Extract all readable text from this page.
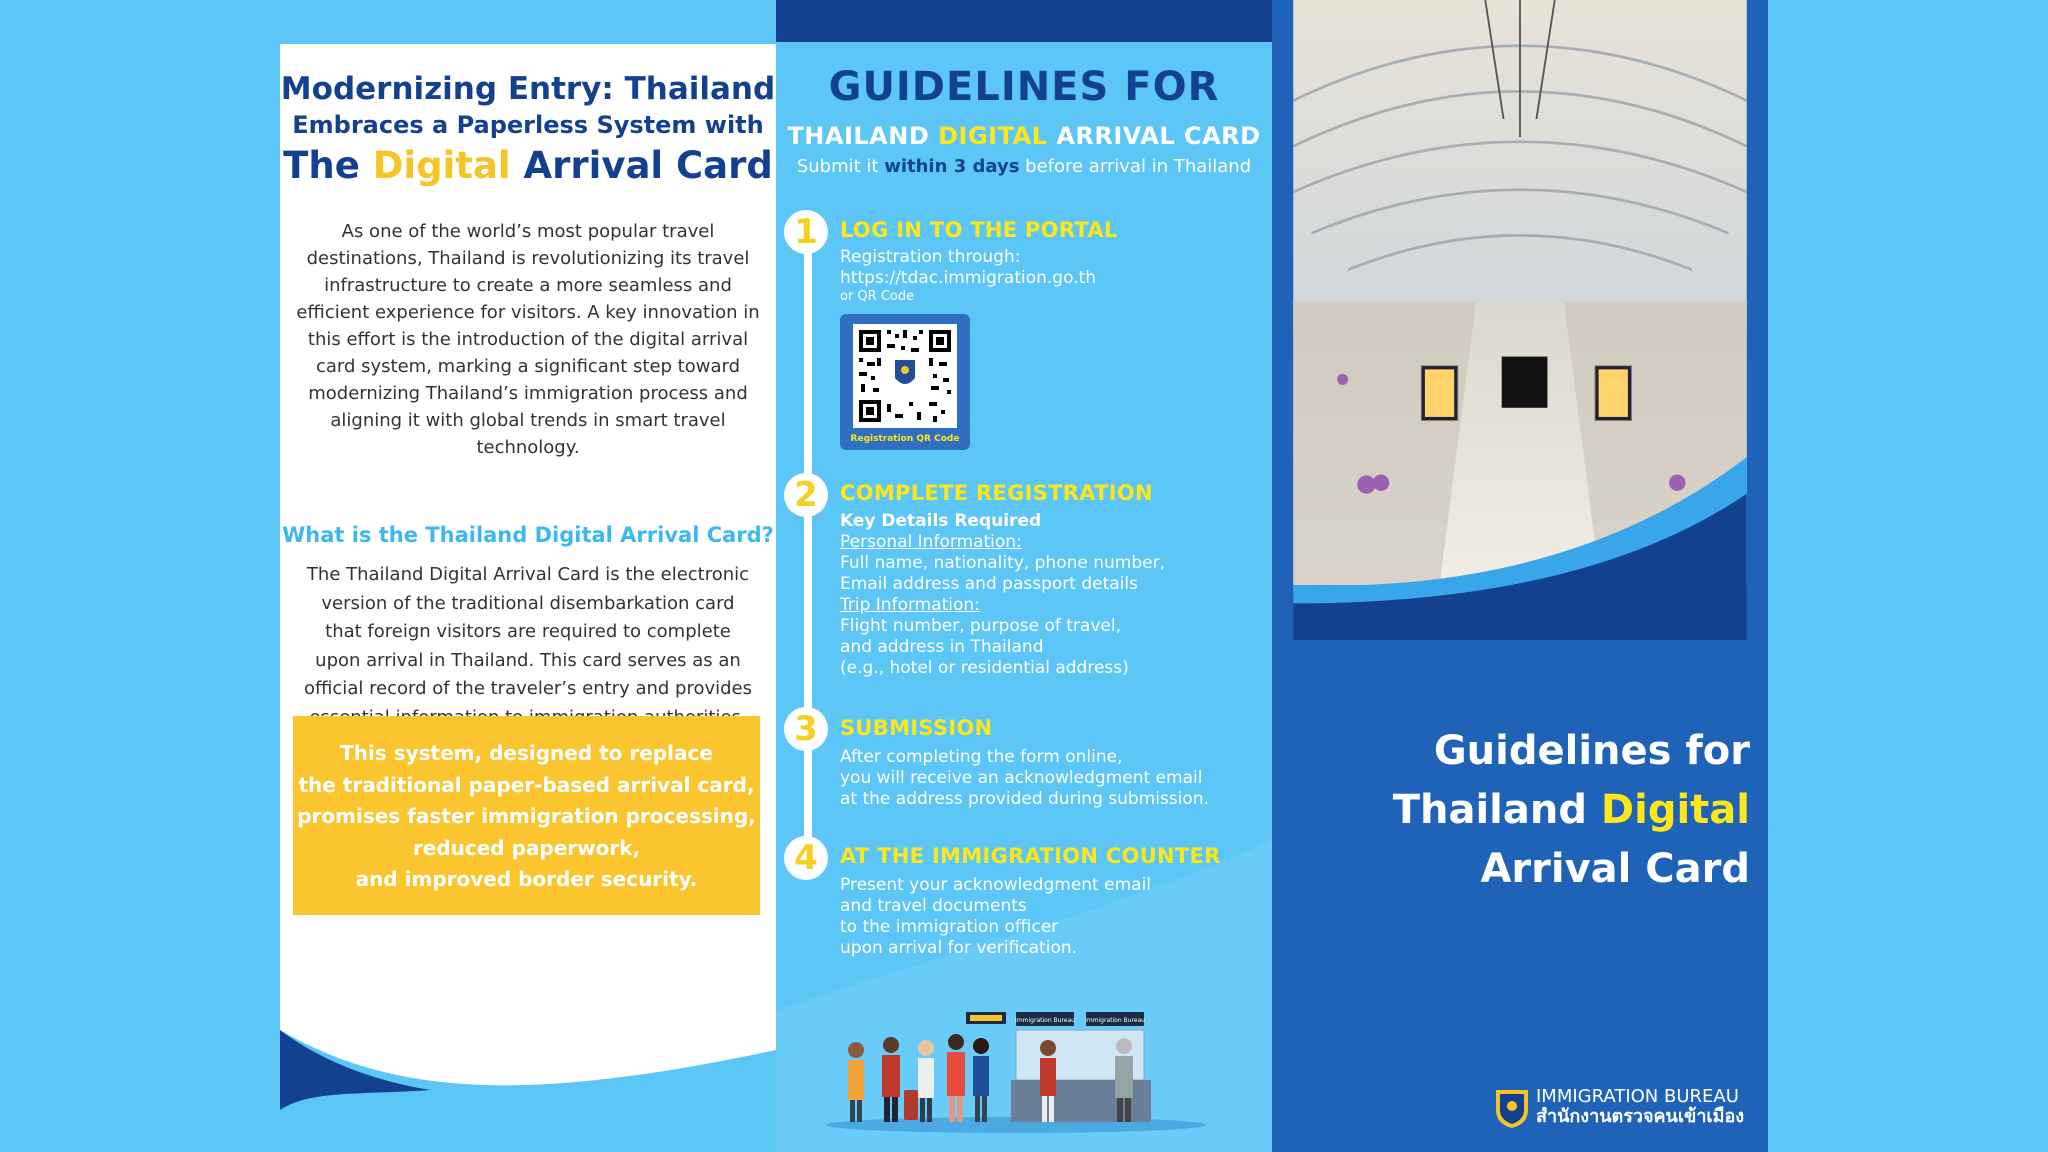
Modernizing Entry: Thailand
Embraces a Paperless System with
The Digital Arrival Card
As one of the world’s most popular travel destinations, Thailand is revolutionizing its travel infrastructure to create a more seamless and efficient experience for visitors. A key innovation in this effort is the introduction of the digital arrival card system, marking a significant step toward modernizing Thailand’s immigration process and aligning it with global trends in smart travel technology.
What is the Thailand Digital Arrival Card?
The Thailand Digital Arrival Card is the electronic version of the traditional disembarkation card that foreign visitors are required to complete upon arrival in Thailand. This card serves as an official record of the traveler’s entry and provides
This system, designed to replace
the traditional paper-based arrival card,
promises faster immigration processing,
reduced paperwork,
and improved border security.
GUIDELINES FOR
THAILAND DIGITAL ARRIVAL CARD
Submit it within 3 days before arrival in Thailand
1	LOG IN TO THE PORTAL
Registration through:
https://tdac.immigration.go.th
or QR Code
Registration QR Code
2	COMPLETE REGISTRATION
Key Details Required
Personal Information:
Full name, nationality, phone number,
Email address and passport details
Trip Information:
Flight number, purpose of travel,
and address in Thailand
(e.g., hotel or residential address)
3	SUBMISSION
After completing the form online,
you will receive an acknowledgment email
at the address provided during submission.
4	AT THE IMMIGRATION COUNTER
Present your acknowledgment email
and travel documents
to the immigration officer
upon arrival for verification.
Immigration Bureau Immigration Bureau
Guidelines for
Thailand Digital
Arrival Card
IMMIGRATION BUREAU
สำนักงานตรวจคนเข้าเมือง
